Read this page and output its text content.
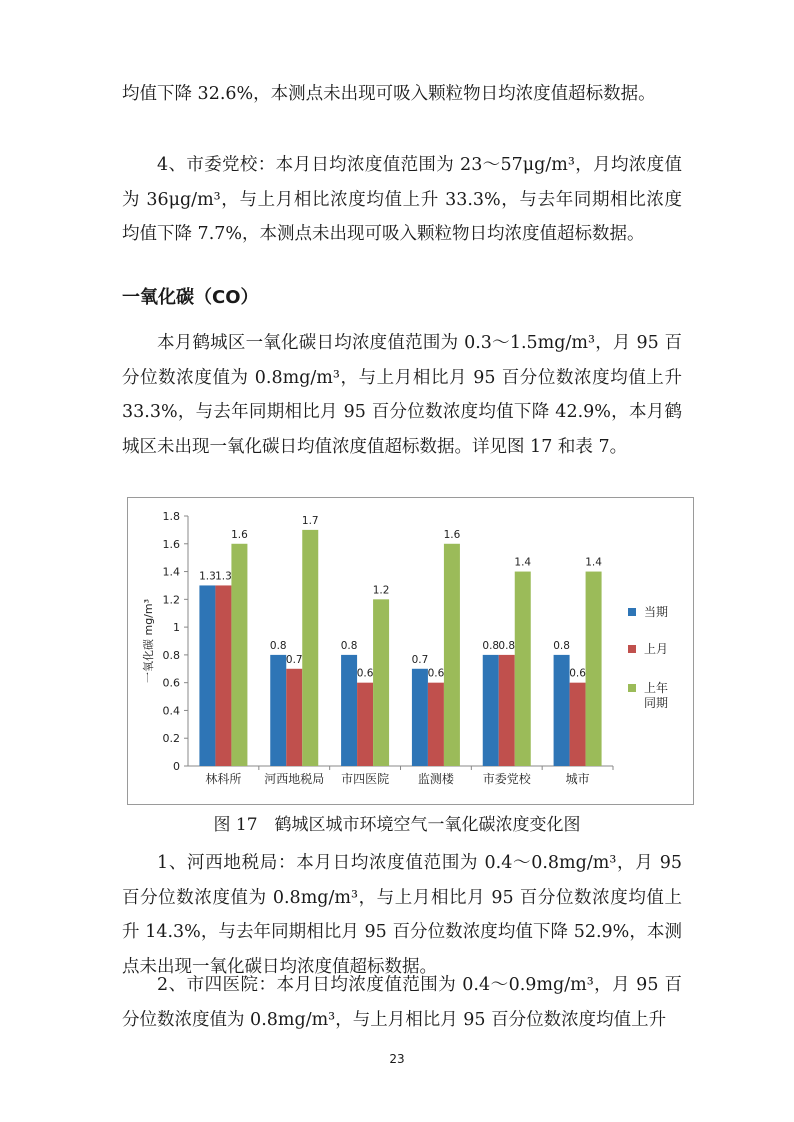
均值下降 32.6%，本测点未出现可吸入颗粒物日均浓度值超标数据。

4、市委党校：本月日均浓度值范围为 23～57μg/m³，月均浓度值为 36μg/m³，与上月相比浓度均值上升 33.3%，与去年同期相比浓度均值下降 7.7%，本测点未出现可吸入颗粒物日均浓度值超标数据。

一氧化碳（CO）

本月鹤城区一氧化碳日均浓度值范围为 0.3～1.5mg/m³，月 95 百分位数浓度值为 0.8mg/m³，与上月相比月 95 百分位数浓度均值上升 33.3%，与去年同期相比月 95 百分位数浓度均值下降 42.9%，本月鹤城区未出现一氧化碳日均值浓度值超标数据。详见图 17 和表 7。

0
0.2
0.4
0.6
0.8
1
1.2
1.4
1.6
1.8
一氧化碳 mg/m³
1.3 1.3
1.6
林科所
0.8
0.7
1.7
河西地税局
0.8
0.6
1.2
市四医院
0.7
0.6
1.6
监测楼
0.8 0.8
1.4
市委党校
0.8
0.6
1.4
城市
当期
上月
上年
同期

图 17　鹤城区城市环境空气一氧化碳浓度变化图

1、河西地税局：本月日均浓度值范围为 0.4～0.8mg/m³，月 95 百分位数浓度值为 0.8mg/m³，与上月相比月 95 百分位数浓度均值上升 14.3%，与去年同期相比月 95 百分位数浓度均值下降 52.9%，本测点未出现一氧化碳日均浓度值超标数据。

2、市四医院：本月日均浓度值范围为 0.4～0.9mg/m³，月 95 百分位数浓度值为 0.8mg/m³，与上月相比月 95 百分位数浓度均值上升

23
